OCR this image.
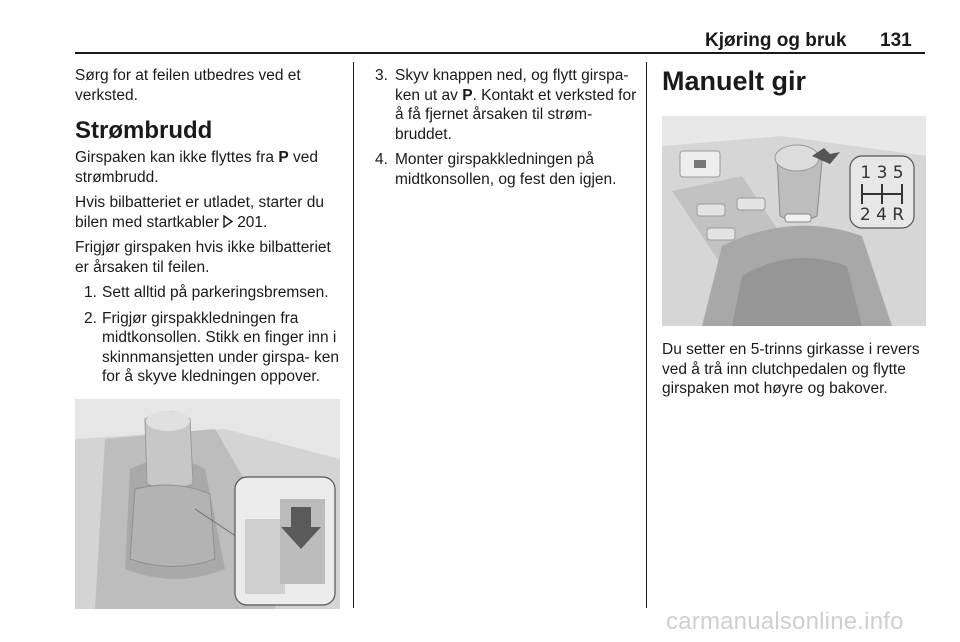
Kjøring og bruk 131

Sørg for at feilen utbedres ved et verksted.

Strømbrudd

Girspaken kan ikke flyttes fra P ved strømbrudd.

Hvis bilbatteriet er utladet, starter du bilen med startkabler 201.

Frigjør girspaken hvis ikke bilbatteriet er årsaken til feilen.

1. Sett alltid på parkeringsbremsen.
2. Frigjør girspakkledningen fra midtkonsollen. Stikk en finger inn i skinnmansjetten under girspa- ken for å skyve kledningen oppover.
3. Skyv knappen ned, og flytt girspa- ken ut av P. Kontakt et verksted for å få fjernet årsaken til strøm- bruddet.
4. Monter girspakkledningen på midtkonsollen, og fest den igjen.
Manuelt gir
1 3 5
2 4 R

Du setter en 5-trinns girkasse i revers ved å trå inn clutchpedalen og flytte girspaken mot høyre og bakover.

carmanualsonline.info
